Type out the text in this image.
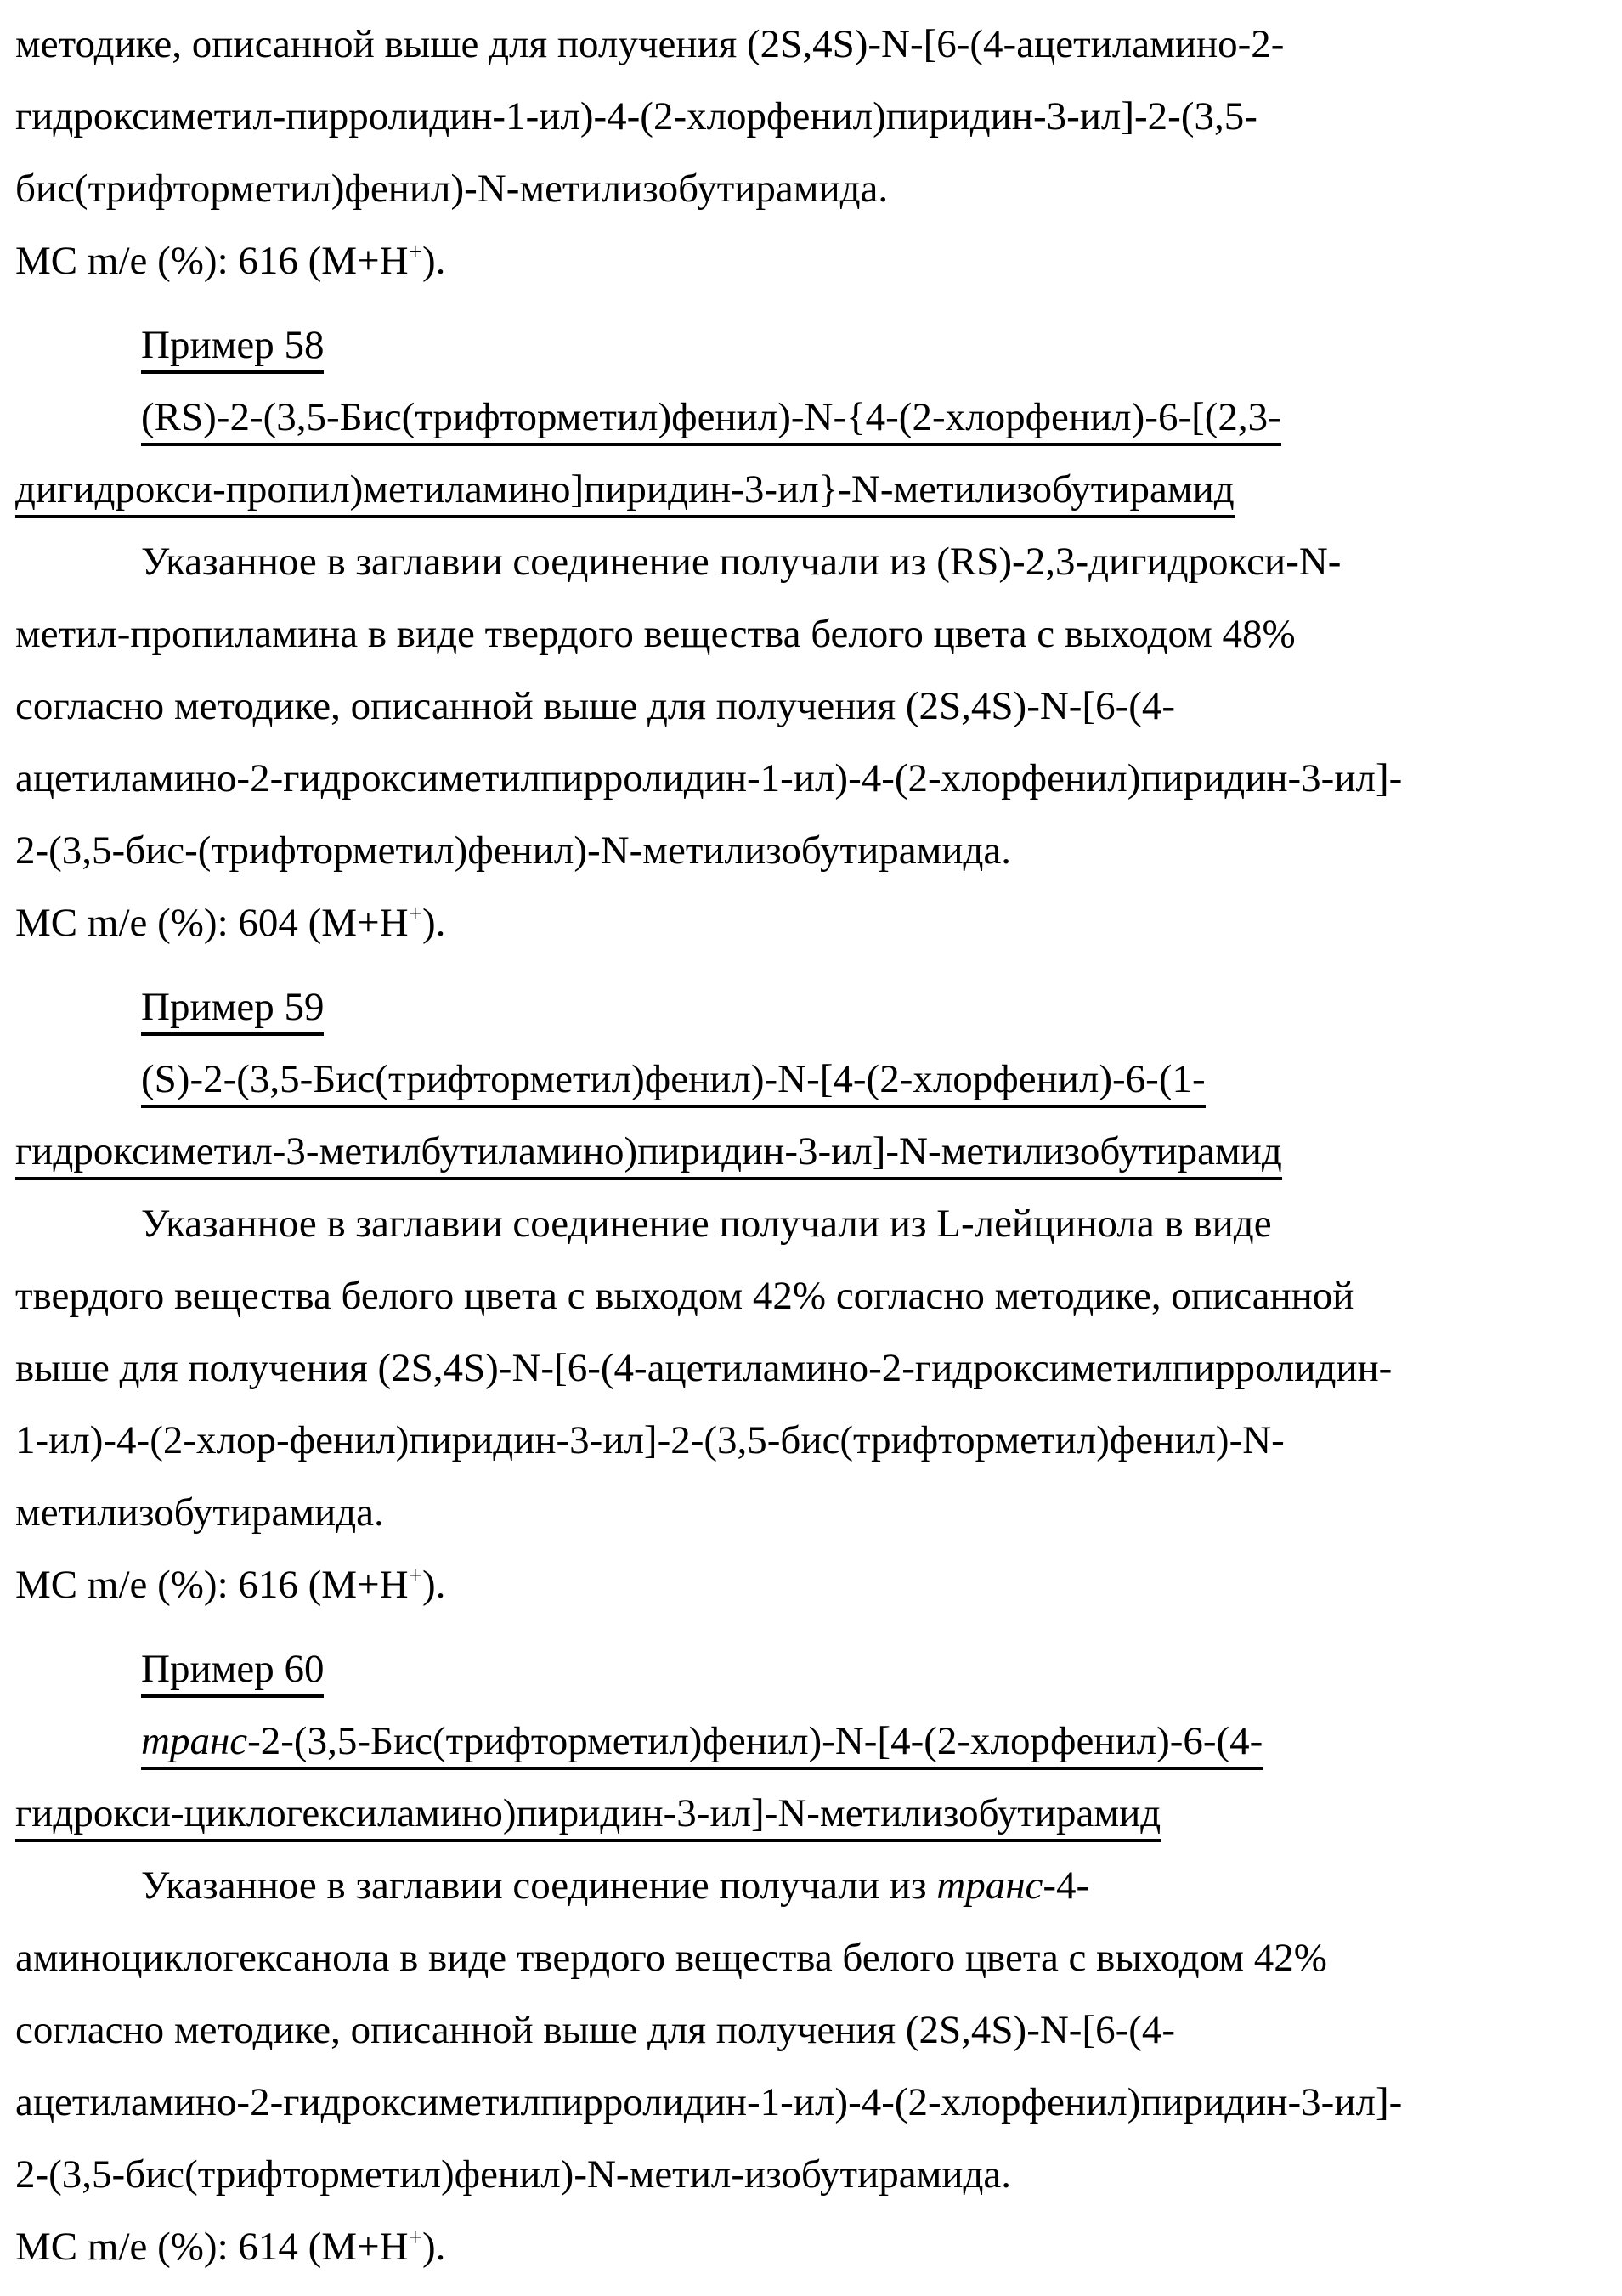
методике, описанной выше для получения (2S,4S)-N-[6-(4-ацетиламино-2-
гидроксиметил-пирролидин-1-ил)-4-(2-хлорфенил)пиридин-3-ил]-2-(3,5-
бис(трифторметил)фенил)-N-метилизобутирамида.
МС m/e (%): 616 (M+H+).
Пример 58
(RS)-2-(3,5-Бис(трифторметил)фенил)-N-{4-(2-хлорфенил)-6-[(2,3-
дигидрокси-пропил)метиламино]пиридин-3-ил}-N-метилизобутирамид
Указанное в заглавии соединение получали из (RS)-2,3-дигидрокси-N-
метил-пропиламина в виде твердого вещества белого цвета с выходом 48%
согласно методике, описанной выше для получения (2S,4S)-N-[6-(4-
ацетиламино-2-гидроксиметилпирролидин-1-ил)-4-(2-хлорфенил)пиридин-3-ил]-
2-(3,5-бис-(трифторметил)фенил)-N-метилизобутирамида.
МС m/e (%): 604 (M+H+).
Пример 59
(S)-2-(3,5-Бис(трифторметил)фенил)-N-[4-(2-хлорфенил)-6-(1-
гидроксиметил-3-метилбутиламино)пиридин-3-ил]-N-метилизобутирамид
Указанное в заглавии соединение получали из L-лейцинола в виде
твердого вещества белого цвета с выходом 42% согласно методике, описанной
выше для получения (2S,4S)-N-[6-(4-ацетиламино-2-гидроксиметилпирролидин-
1-ил)-4-(2-хлор-фенил)пиридин-3-ил]-2-(3,5-бис(трифторметил)фенил)-N-
метилизобутирамида.
МС m/e (%): 616 (M+H+).
Пример 60
транс-2-(3,5-Бис(трифторметил)фенил)-N-[4-(2-хлорфенил)-6-(4-
гидрокси-циклогексиламино)пиридин-3-ил]-N-метилизобутирамид
Указанное в заглавии соединение получали из транс-4-
аминоциклогексанола в виде твердого вещества белого цвета с выходом 42%
согласно методике, описанной выше для получения (2S,4S)-N-[6-(4-
ацетиламино-2-гидроксиметилпирролидин-1-ил)-4-(2-хлорфенил)пиридин-3-ил]-
2-(3,5-бис(трифторметил)фенил)-N-метил-изобутирамида.
МС m/e (%): 614 (M+H+).
